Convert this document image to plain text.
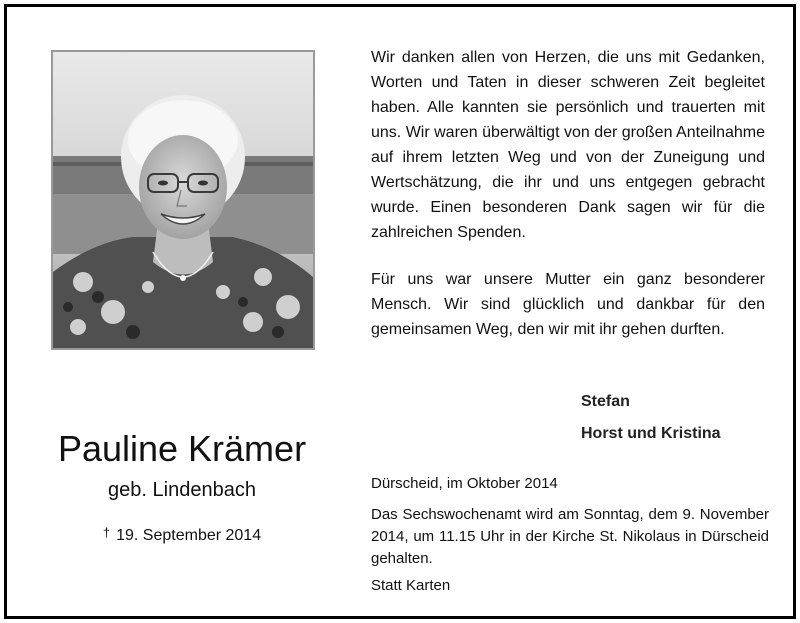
Pauline Krämer
geb. Lindenbach
† 19. September 2014
Wir danken allen von Herzen, die uns mit Gedanken, Worten und Taten in dieser schweren Zeit begleitet haben. Alle kannten sie persönlich und trauerten mit uns. Wir waren überwältigt von der großen Anteilnahme auf ihrem letzten Weg und von der Zuneigung und Wertschätzung, die ihr und uns entgegen gebracht wurde. Einen besonderen Dank sagen wir für die zahlreichen Spenden.
Für uns war unsere Mutter ein ganz besonderer Mensch. Wir sind glücklich und dankbar für den gemeinsamen Weg, den wir mit ihr gehen durften.
Stefan
Horst und Kristina
Dürscheid, im Oktober 2014
Das Sechswochenamt wird am Sonntag, dem 9. November 2014, um 11.15 Uhr in der Kirche St. Nikolaus in Dürscheid gehalten.
Statt Karten
